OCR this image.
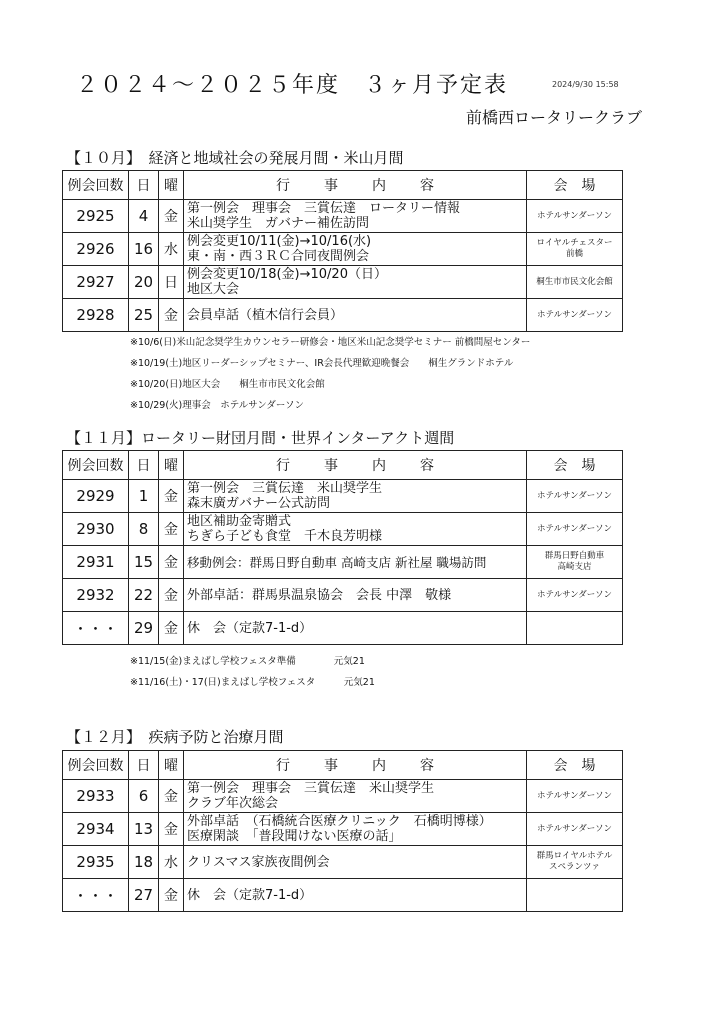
２０２４～２０２５年度　３ヶ月予定表	2024/9/30 15:58
前橋西ロータリークラブ
【１０月】　経済と地域社会の発展月間・米山月間
例会回数	日	曜	行事内容	会場
2925	4	金	第一例会　理事会　三賞伝達　ロータリー情報
米山奨学生　ガバナー補佐訪問	ホテルサンダーソン
2926	16	水	例会変更10/11(金)→10/16(水)
東・南・西３ＲＣ合同夜間例会	ロイヤルチェスター
前橋
2927	20	日	例会変更10/18(金)→10/20（日）
地区大会	桐生市市民文化会館
2928	25	金	会員卓話（植木信行会員）	ホテルサンダーソン
※10/6(日)米山記念奨学生カウンセラー研修会・地区米山記念奨学セミナー 前橋問屋センター
※10/19(土)地区リーダーシップセミナー、IR会長代理歓迎晩餐会　　桐生グランドホテル
※10/20(日)地区大会　　桐生市市民文化会館
※10/29(火)理事会　ホテルサンダーソン
【１１月】ロータリー財団月間・世界インターアクト週間
例会回数	日	曜	行事内容	会場
2929	1	金	第一例会　三賞伝達　米山奨学生
森末廣ガバナー公式訪問	ホテルサンダーソン
2930	8	金	地区補助金寄贈式
ちぎら子ども食堂　千木良芳明様	ホテルサンダーソン
2931	15	金	移動例会：群馬日野自動車 高崎支店 新社屋 職場訪問	群馬日野自動車
高崎支店
2932	22	金	外部卓話：群馬県温泉協会　会長 中澤　敬様	ホテルサンダーソン
・・・	29	金	休　会（定款7-1-d）	
※11/15(金)まえばし学校フェスタ準備　　　　元気21
※11/16(土)・17(日)まえばし学校フェスタ　　　元気21
【１２月】　疾病予防と治療月間
例会回数	日	曜	行事内容	会場
2933	6	金	第一例会　理事会　三賞伝達　米山奨学生
クラブ年次総会	ホテルサンダーソン
2934	13	金	外部卓話　（石橋統合医療クリニック　石橋明博様）
医療閑談　「普段聞けない医療の話」	ホテルサンダーソン
2935	18	水	クリスマス家族夜間例会	群馬ロイヤルホテル
スペランツァ
・・・	27	金	休　会（定款7-1-d）	
